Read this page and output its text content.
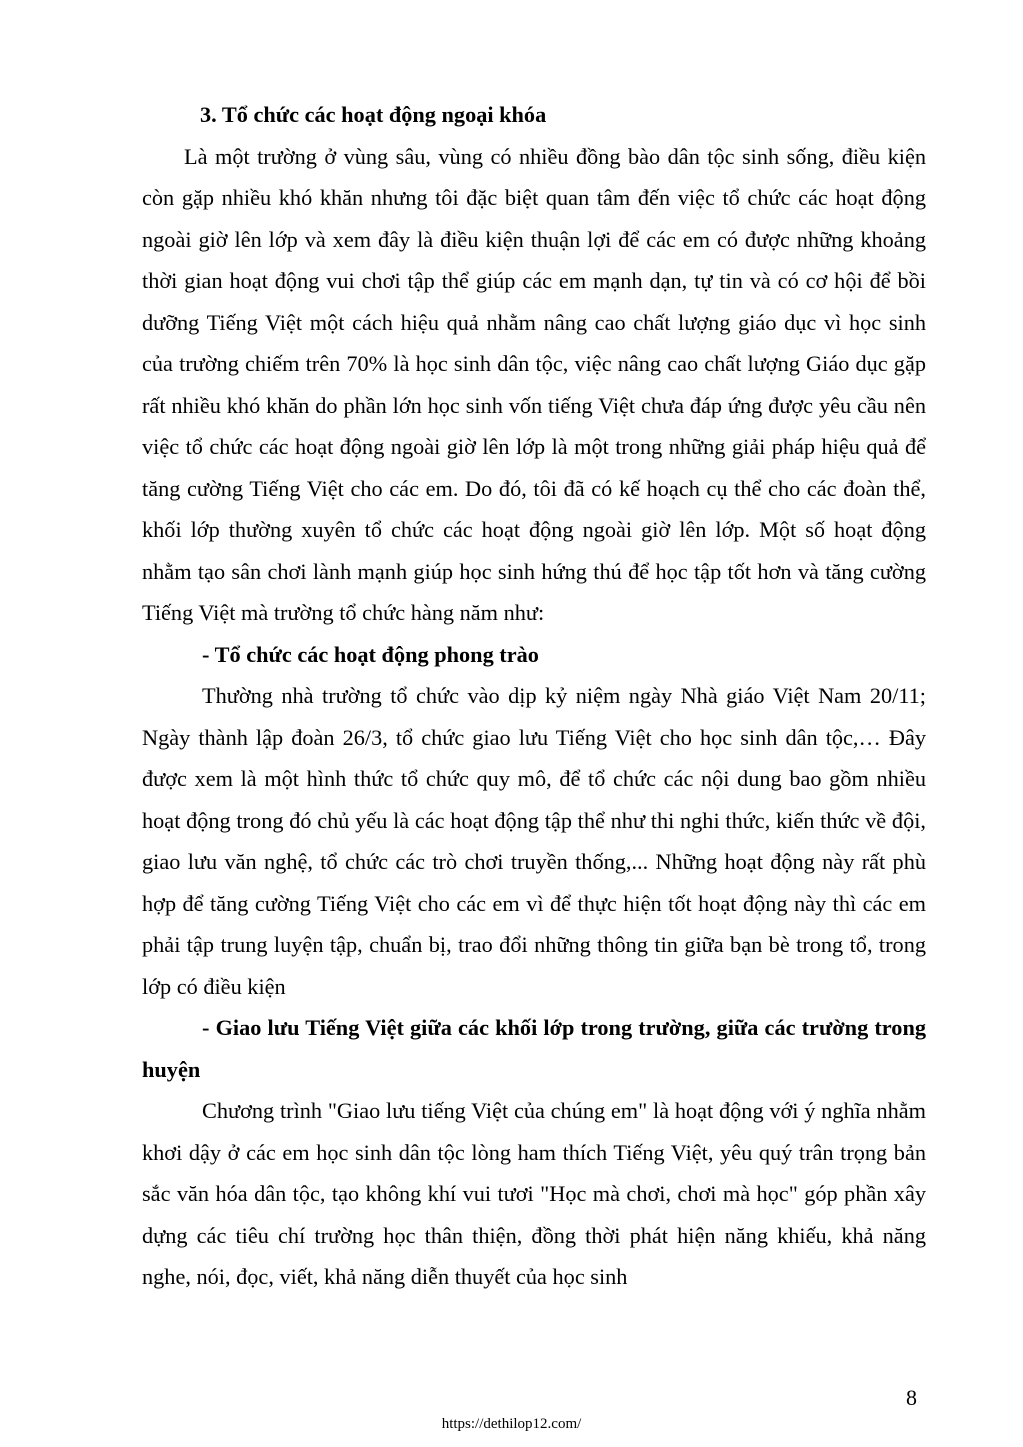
3. Tổ chức các hoạt động ngoại khóa

Là một trường ở vùng sâu, vùng có nhiều đồng bào dân tộc sinh sống, điều kiện còn gặp nhiều khó khăn nhưng tôi đặc biệt quan tâm đến việc tổ chức các hoạt động ngoài giờ lên lớp và xem đây là điều kiện thuận lợi để các em có được những khoảng thời gian hoạt động vui chơi tập thể giúp các em mạnh dạn, tự tin và có cơ hội để bồi dưỡng Tiếng Việt một cách hiệu quả nhằm nâng cao chất lượng giáo dục vì học sinh của trường chiếm trên 70% là học sinh dân tộc, việc nâng cao chất lượng Giáo dục gặp rất nhiều khó khăn do phần lớn học sinh vốn tiếng Việt chưa đáp ứng được yêu cầu nên việc tổ chức các hoạt động ngoài giờ lên lớp là một trong những giải pháp hiệu quả để tăng cường Tiếng Việt cho các em. Do đó, tôi đã có kế hoạch cụ thể cho các đoàn thể, khối lớp thường xuyên tổ chức các hoạt động ngoài giờ lên lớp. Một số hoạt động nhằm tạo sân chơi lành mạnh giúp học sinh hứng thú để học tập tốt hơn và tăng cường Tiếng Việt mà trường tổ chức hàng năm như:

- Tổ chức các hoạt động phong trào

Thường nhà trường tổ chức vào dịp kỷ niệm ngày Nhà giáo Việt Nam 20/11; Ngày thành lập đoàn 26/3, tổ chức giao lưu Tiếng Việt cho học sinh dân tộc,… Đây được xem là một hình thức tổ chức quy mô, để tổ chức các nội dung bao gồm nhiều hoạt động trong đó chủ yếu là các hoạt động tập thể như thi nghi thức, kiến thức về đội, giao lưu văn nghệ, tổ chức các trò chơi truyền thống,... Những hoạt động này rất phù hợp để tăng cường Tiếng Việt cho các em vì để thực hiện tốt hoạt động này thì các em phải tập trung luyện tập, chuẩn bị, trao đổi những thông tin giữa bạn bè trong tổ, trong lớp có điều kiện

- Giao lưu Tiếng Việt giữa các khối lớp trong trường, giữa các trường trong huyện

Chương trình "Giao lưu tiếng Việt của chúng em" là hoạt động với ý nghĩa nhằm khơi dậy ở các em học sinh dân tộc lòng ham thích Tiếng Việt, yêu quý trân trọng bản sắc văn hóa dân tộc, tạo không khí vui tươi "Học mà chơi, chơi mà học" góp phần xây dựng các tiêu chí trường học thân thiện, đồng thời phát hiện năng khiếu, khả năng nghe, nói, đọc, viết, khả năng diễn thuyết của học sinh

8
https://dethilop12.com/
